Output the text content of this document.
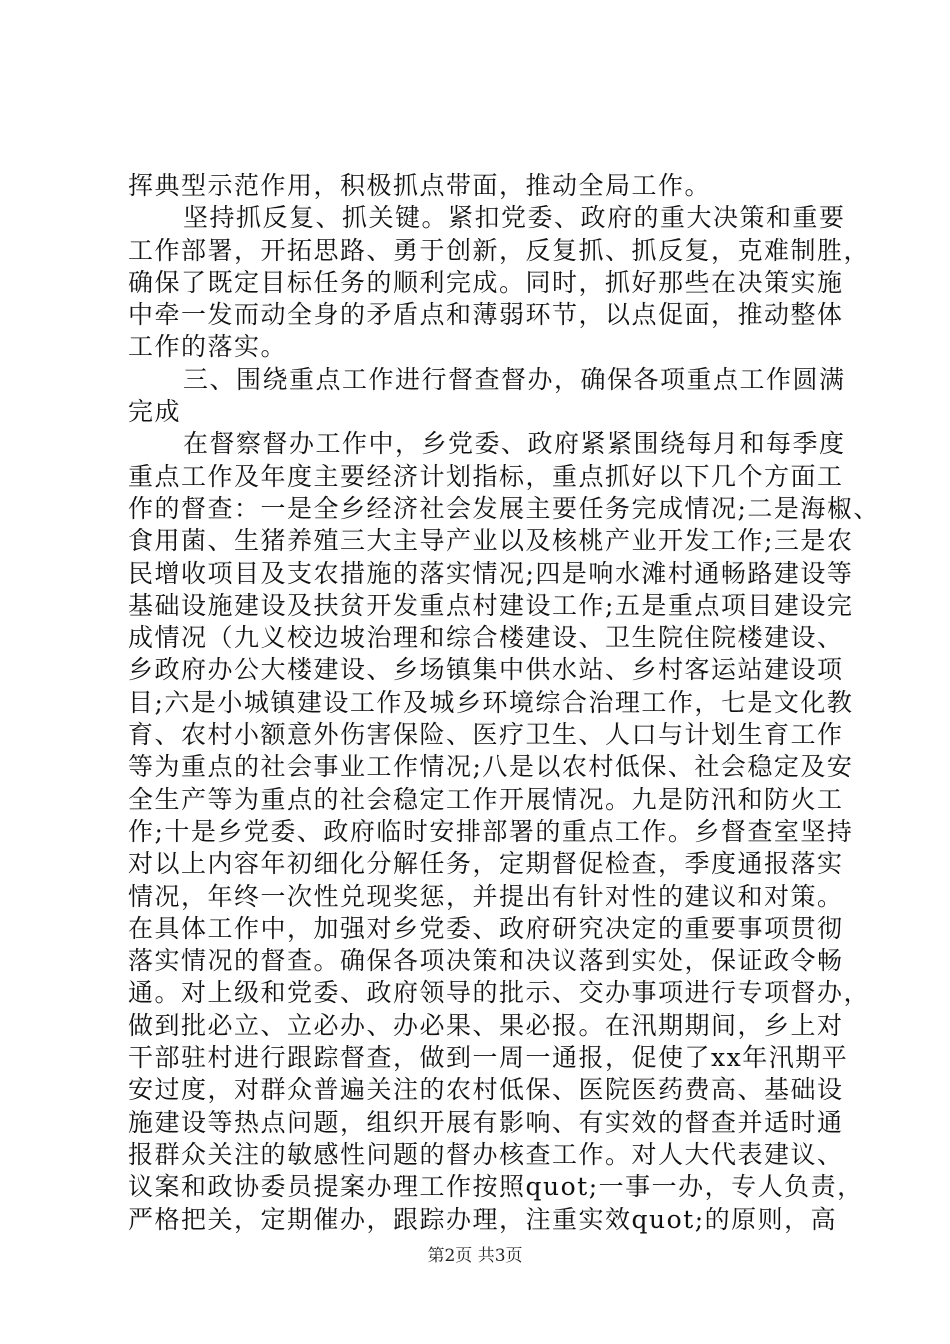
挥典型示范作用，积极抓点带面，推动全局工作。
坚持抓反复、抓关键。紧扣党委、政府的重大决策和重要
工作部署，开拓思路、勇于创新，反复抓、抓反复，克难制胜，
确保了既定目标任务的顺利完成。同时，抓好那些在决策实施
中牵一发而动全身的矛盾点和薄弱环节，以点促面，推动整体
工作的落实。
三、围绕重点工作进行督查督办，确保各项重点工作圆满
完成
在督察督办工作中，乡党委、政府紧紧围绕每月和每季度
重点工作及年度主要经济计划指标，重点抓好以下几个方面工
作的督查：一是全乡经济社会发展主要任务完成情况;二是海椒、
食用菌、生猪养殖三大主导产业以及核桃产业开发工作;三是农
民增收项目及支农措施的落实情况;四是响水滩村通畅路建设等
基础设施建设及扶贫开发重点村建设工作;五是重点项目建设完
成情况（九义校边坡治理和综合楼建设、卫生院住院楼建设、
乡政府办公大楼建设、乡场镇集中供水站、乡村客运站建设项
目;六是小城镇建设工作及城乡环境综合治理工作，七是文化教
育、农村小额意外伤害保险、医疗卫生、人口与计划生育工作
等为重点的社会事业工作情况;八是以农村低保、社会稳定及安
全生产等为重点的社会稳定工作开展情况。九是防汛和防火工
作;十是乡党委、政府临时安排部署的重点工作。乡督查室坚持
对以上内容年初细化分解任务，定期督促检查，季度通报落实
情况，年终一次性兑现奖惩，并提出有针对性的建议和对策。
在具体工作中，加强对乡党委、政府研究决定的重要事项贯彻
落实情况的督查。确保各项决策和决议落到实处，保证政令畅
通。对上级和党委、政府领导的批示、交办事项进行专项督办，
做到批必立、立必办、办必果、果必报。在汛期期间，乡上对
干部驻村进行跟踪督查，做到一周一通报，促使了xx年汛期平
安过度，对群众普遍关注的农村低保、医院医药费高、基础设
施建设等热点问题，组织开展有影响、有实效的督查并适时通
报群众关注的敏感性问题的督办核查工作。对人大代表建议、
议案和政协委员提案办理工作按照quot;一事一办，专人负责，
严格把关，定期催办，跟踪办理，注重实效quot;的原则，高
第2页 共3页
